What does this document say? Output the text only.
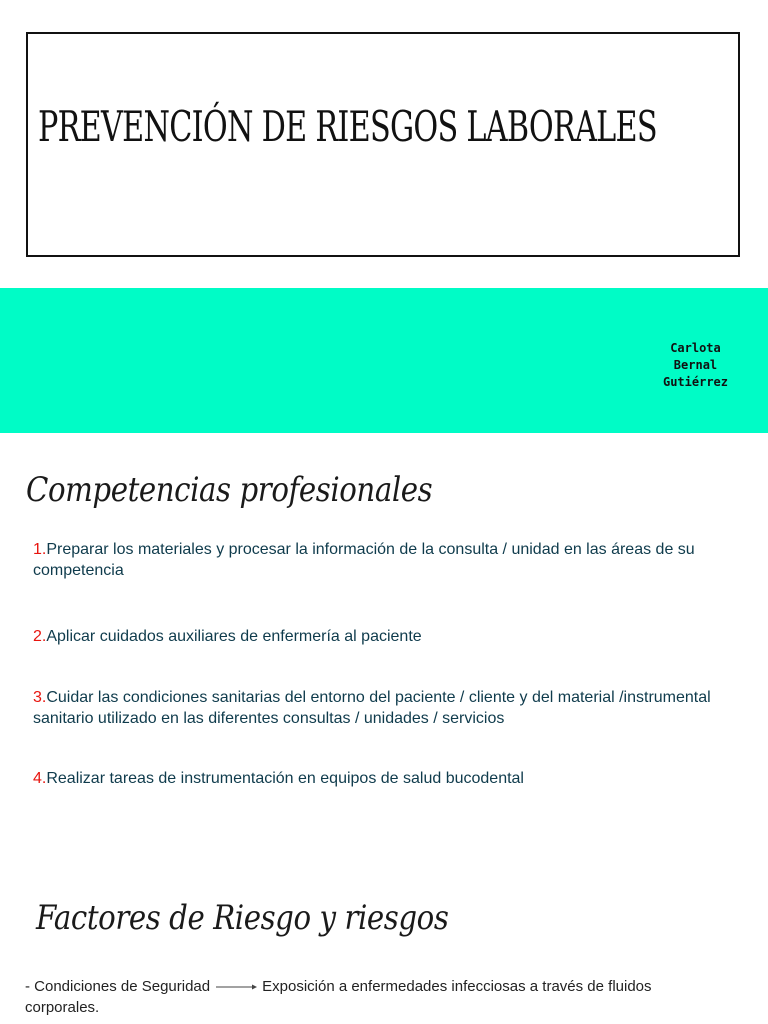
PREVENCIÓN DE RIESGOS LABORALES
Carlota
Bernal
Gutiérrez
Competencias profesionales
1.Preparar los materiales y procesar la información de la consulta / unidad en las áreas de su competencia
2.Aplicar cuidados auxiliares de enfermería al paciente
3.Cuidar las condiciones sanitarias del entorno del paciente / cliente y del material /instrumental sanitario utilizado en las diferentes consultas / unidades / servicios
4.Realizar tareas de instrumentación en equipos de salud bucodental
Factores de Riesgo y riesgos
- Condiciones de Seguridad	Exposición a enfermedades infecciosas a través de fluidos corporales.
